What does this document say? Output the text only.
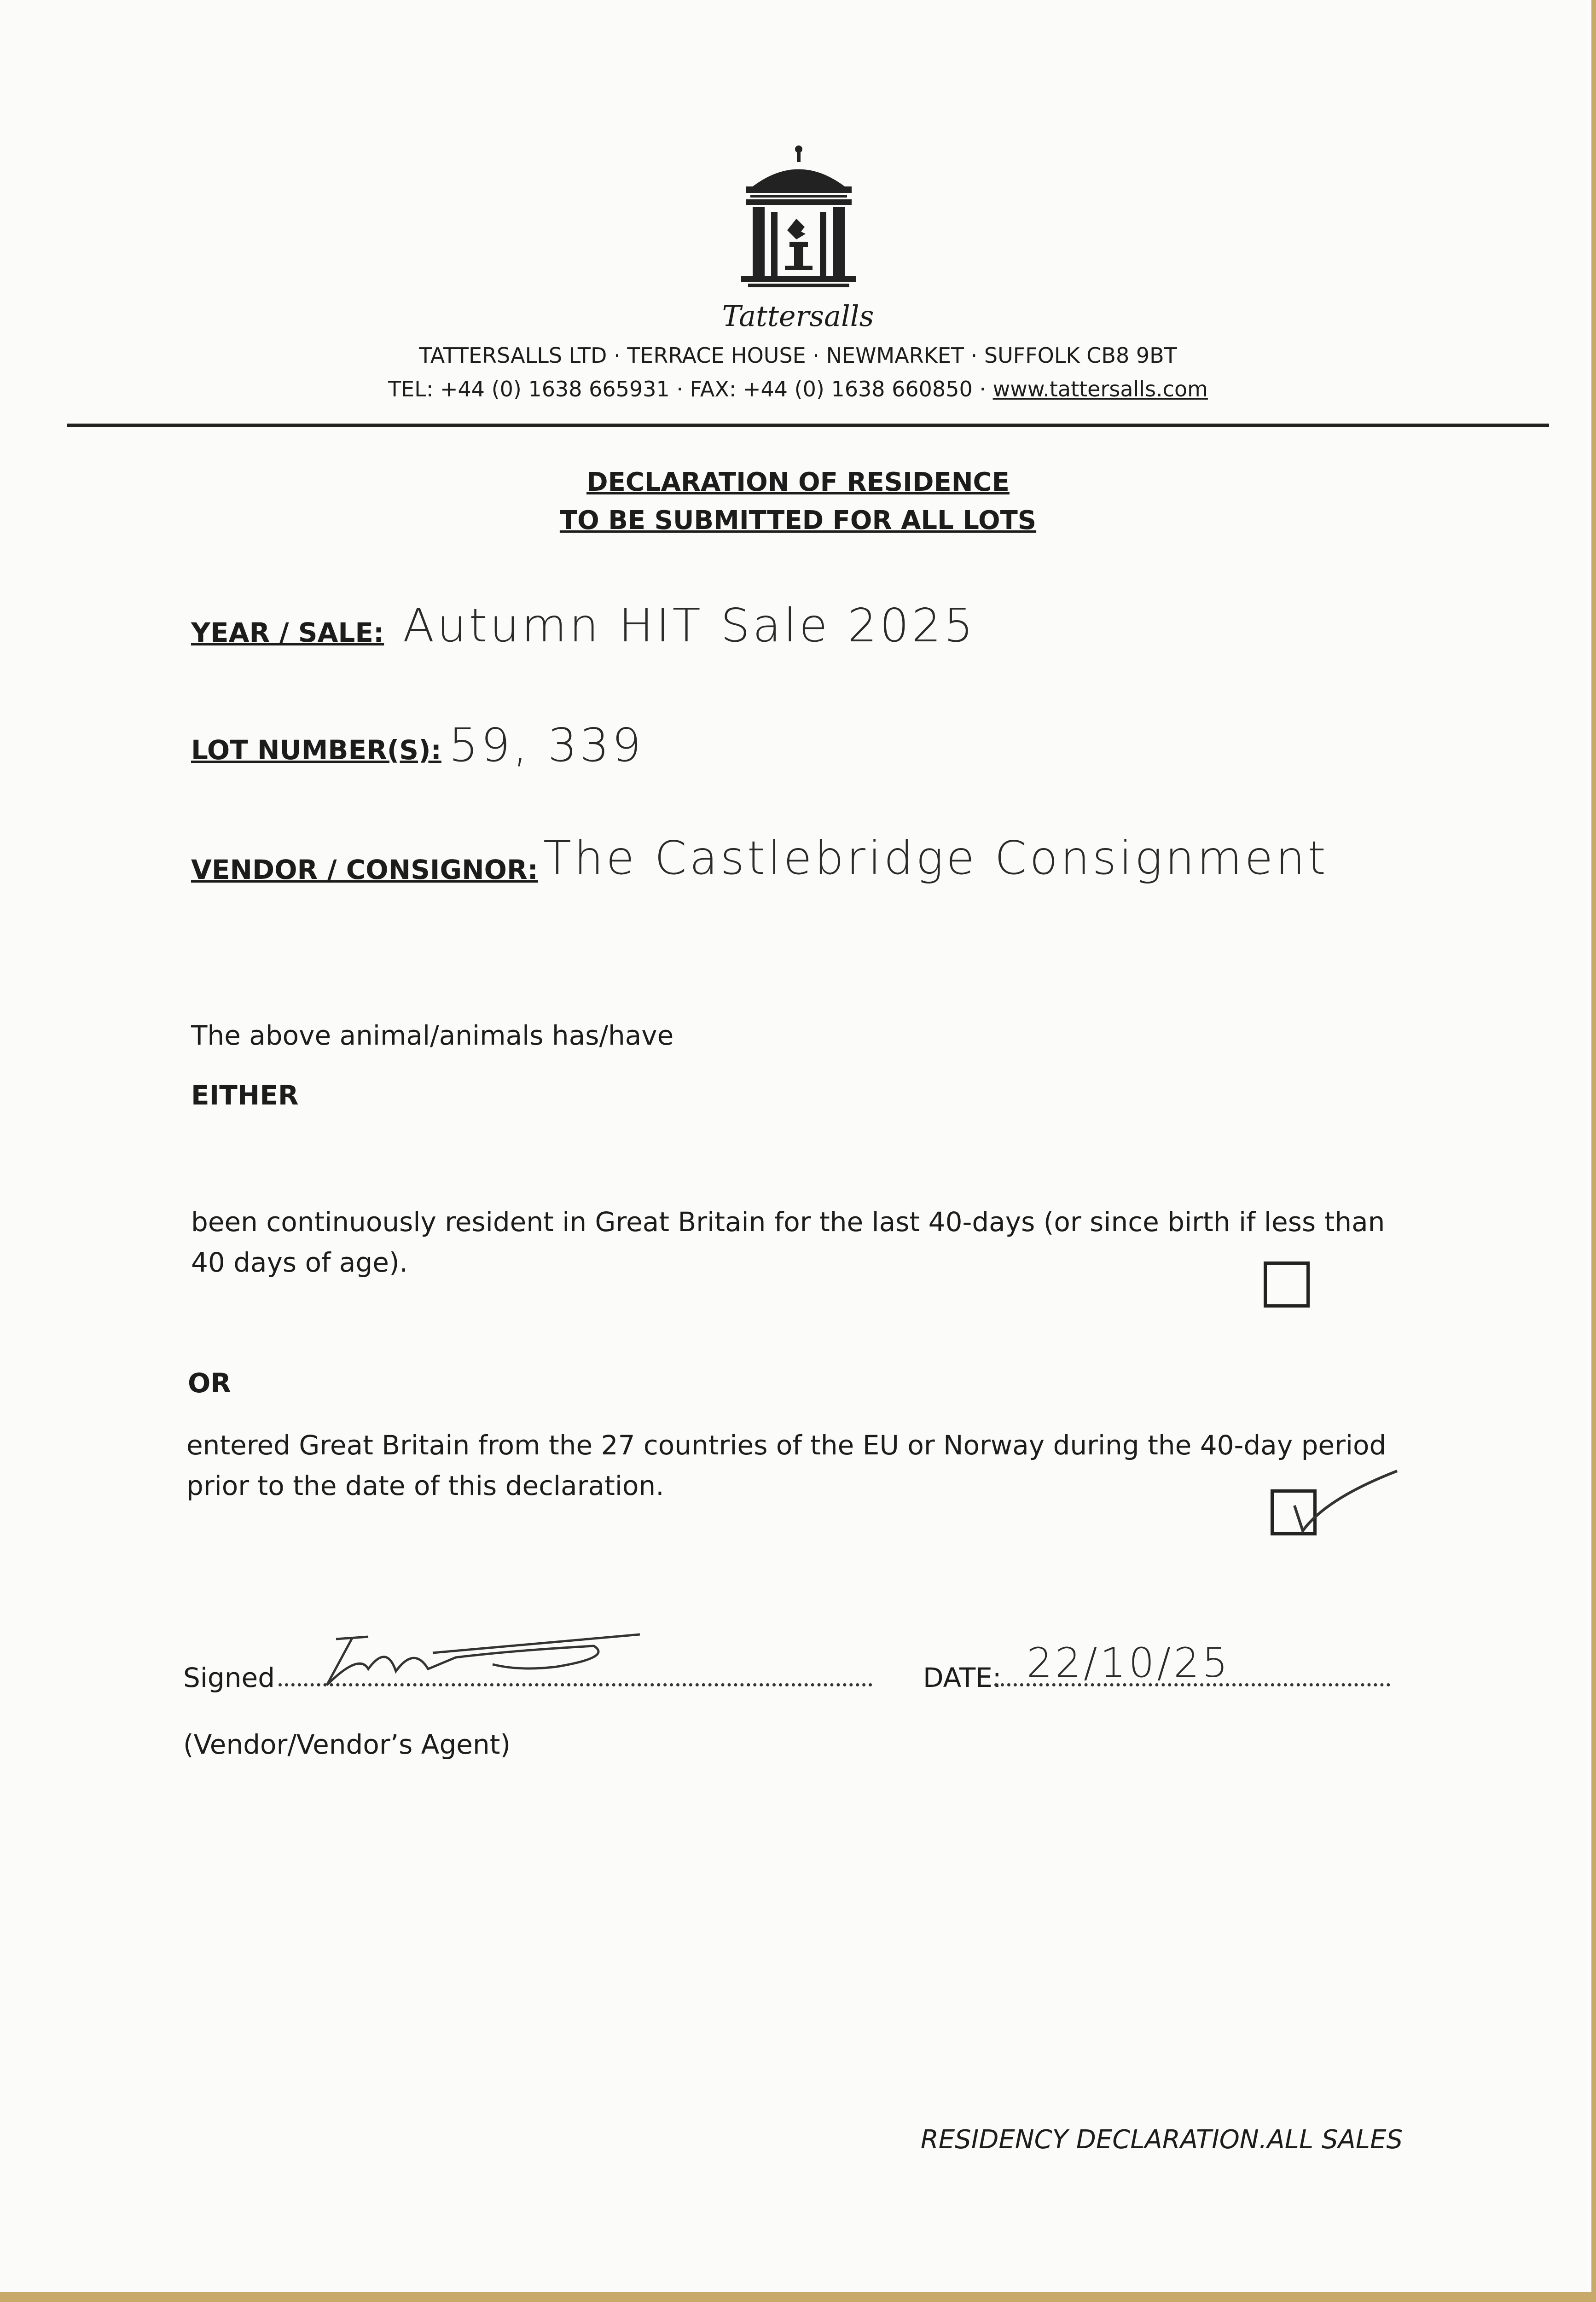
Tattersalls
TATTERSALLS LTD · TERRACE HOUSE · NEWMARKET · SUFFOLK CB8 9BT
TEL: +44 (0) 1638 665931 · FAX: +44 (0) 1638 660850 · www.tattersalls.com
DECLARATION OF RESIDENCE
TO BE SUBMITTED FOR ALL LOTS
YEAR / SALE: Autumn HIT Sale 2025
LOT NUMBER(S): 59, 339
VENDOR / CONSIGNOR: The Castlebridge Consignment
The above animal/animals has/have
EITHER
been continuously resident in Great Britain for the last 40-days (or since birth if less than 40 days of age).
OR
entered Great Britain from the 27 countries of the EU or Norway during the 40-day period prior to the date of this declaration.
Signed	DATE: 22/10/25
(Vendor/Vendor’s Agent)
RESIDENCY DECLARATION.ALL SALES
